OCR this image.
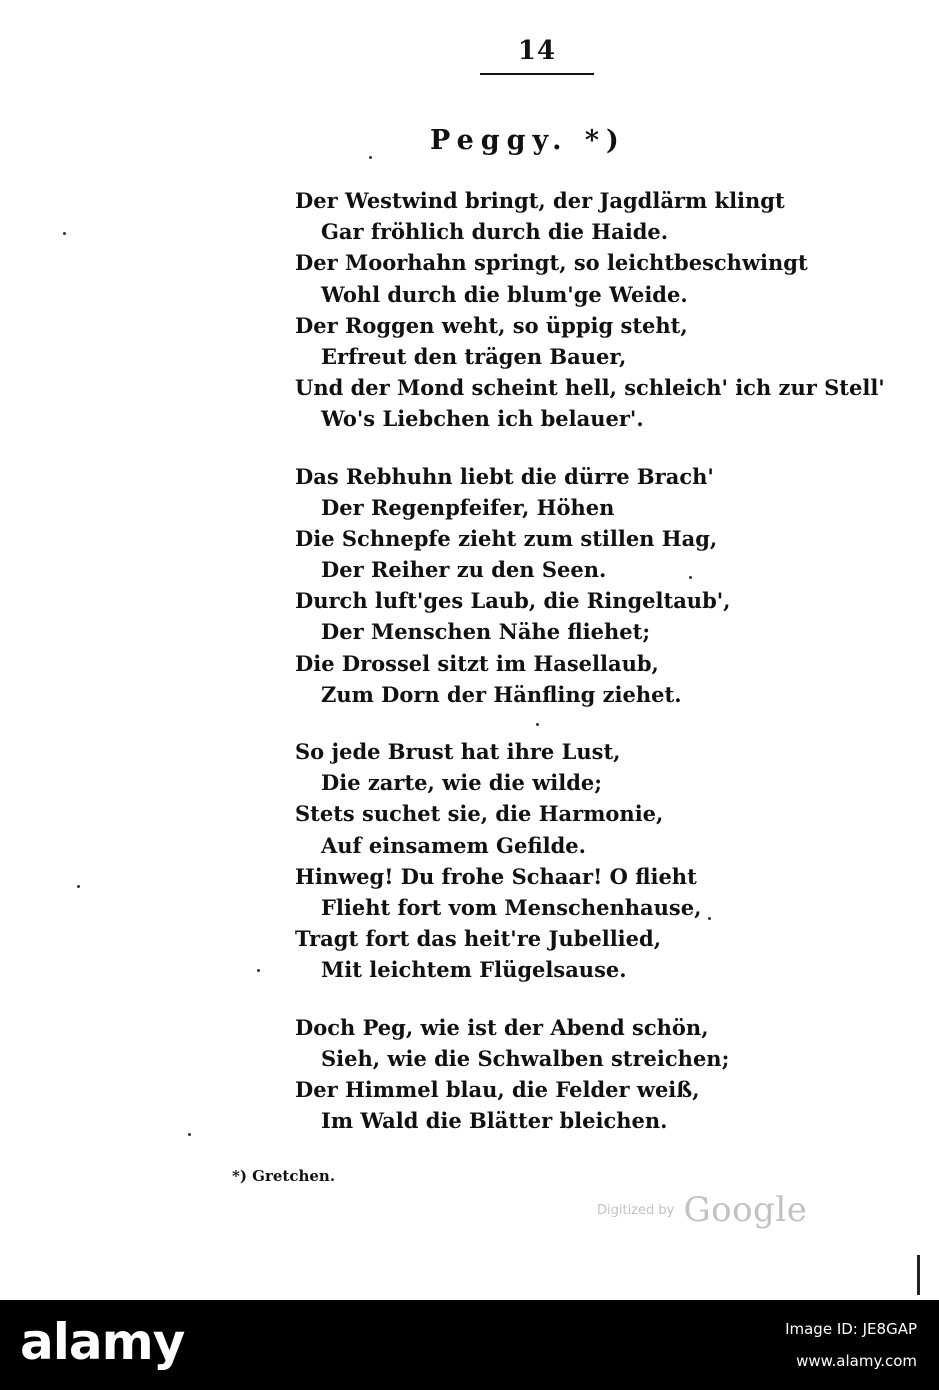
14
Peggy. *)
Der Westwind bringt, der Jagdlärm klingt
Gar fröhlich durch die Haide.
Der Moorhahn springt, so leichtbeschwingt
Wohl durch die blum'ge Weide.
Der Roggen weht, so üppig steht,
Erfreut den trägen Bauer,
Und der Mond scheint hell, schleich' ich zur Stell'
Wo's Liebchen ich belauer'.
Das Rebhuhn liebt die dürre Brach'
Der Regenpfeifer, Höhen
Die Schnepfe zieht zum stillen Hag,
Der Reiher zu den Seen.
Durch luft'ges Laub, die Ringeltaub',
Der Menschen Nähe fliehet;
Die Drossel sitzt im Hasellaub,
Zum Dorn der Hänfling ziehet.
So jede Brust hat ihre Lust,
Die zarte, wie die wilde;
Stets suchet sie, die Harmonie,
Auf einsamem Gefilde.
Hinweg! Du frohe Schaar! O flieht
Flieht fort vom Menschenhause,
Tragt fort das heit're Jubellied,
Mit leichtem Flügelsause.
Doch Peg, wie ist der Abend schön,
Sieh, wie die Schwalben streichen;
Der Himmel blau, die Felder weiß,
Im Wald die Blätter bleichen.
*) Gretchen.
$^{Digitized by}$ Google
alamy	Image ID: JE8GAP
www.alamy.com
